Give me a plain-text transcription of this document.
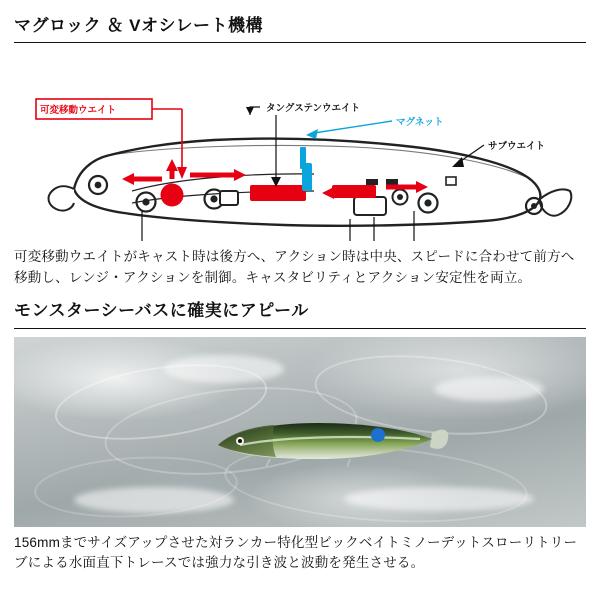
マグロック ＆ Vオシレート機構
可変移動ウエイト	タングステンウエイト
マグネット
サブウエイト

可変移動ウエイトがキャスト時は後方へ、アクション時は中央、スピードに合わせて前方へ移動し、レンジ・アクションを制御。キャスタビリティとアクション安定性を両立。

モンスターシーバスに確実にアピール

156mmまでサイズアップさせた対ランカー特化型ビックベイトミノーデットスローリトリーブによる水面直下トレースでは強力な引き波と波動を発生させる。
